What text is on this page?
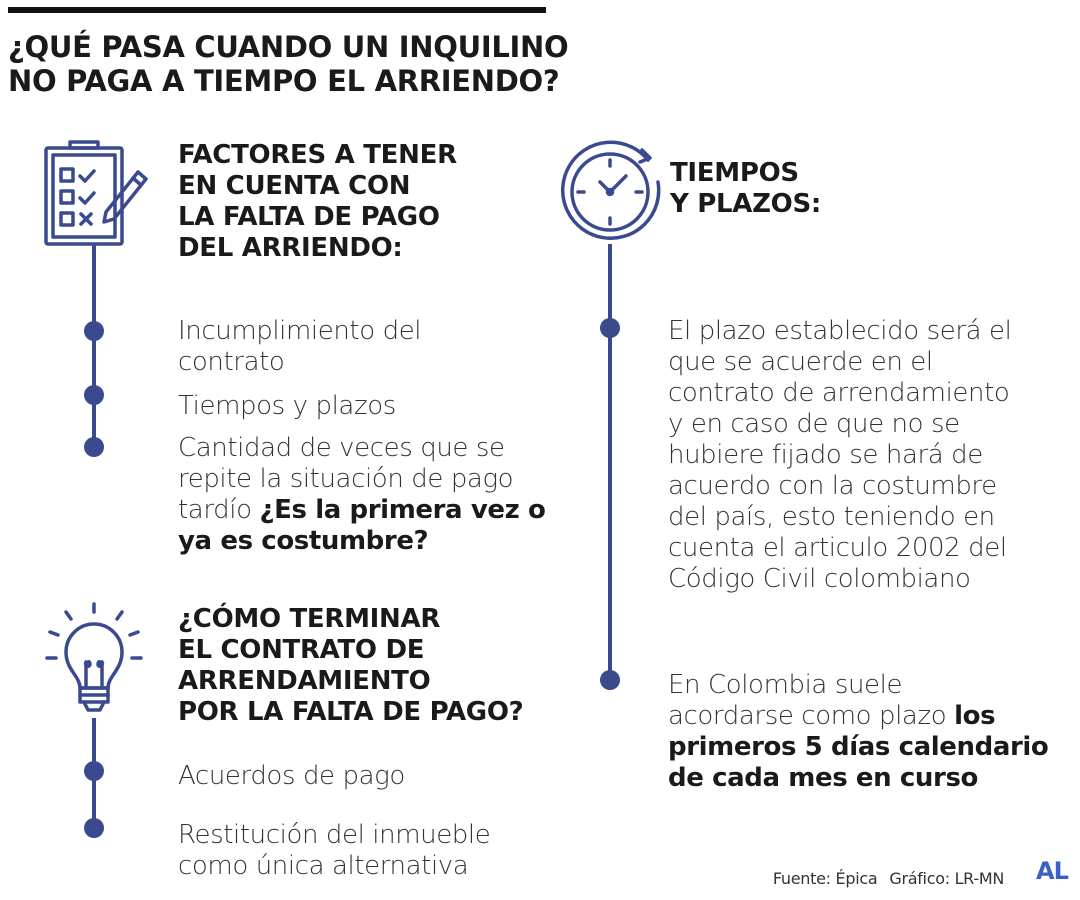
¿QUÉ PASA CUANDO UN INQUILINO
NO PAGA A TIEMPO EL ARRIENDO?
FACTORES A TENER
EN CUENTA CON
LA FALTA DE PAGO
DEL ARRIENDO:
Incumplimiento del
contrato
Tiempos y plazos
Cantidad de veces que se
repite la situación de pago
tardío ¿Es la primera vez o
ya es costumbre?
¿CÓMO TERMINAR
EL CONTRATO DE
ARRENDAMIENTO
POR LA FALTA DE PAGO?
Acuerdos de pago
Restitución del inmueble
como única alternativa
TIEMPOS
Y PLAZOS:
El plazo establecido será el
que se acuerde en el
contrato de arrendamiento
y en caso de que no se
hubiere fijado se hará de
acuerdo con la costumbre
del país, esto teniendo en
cuenta el articulo 2002 del
Código Civil colombiano
En Colombia suele
acordarse como plazo los
primeros 5 días calendario
de cada mes en curso
Fuente: Épica Gráfico: LR-MN AL
